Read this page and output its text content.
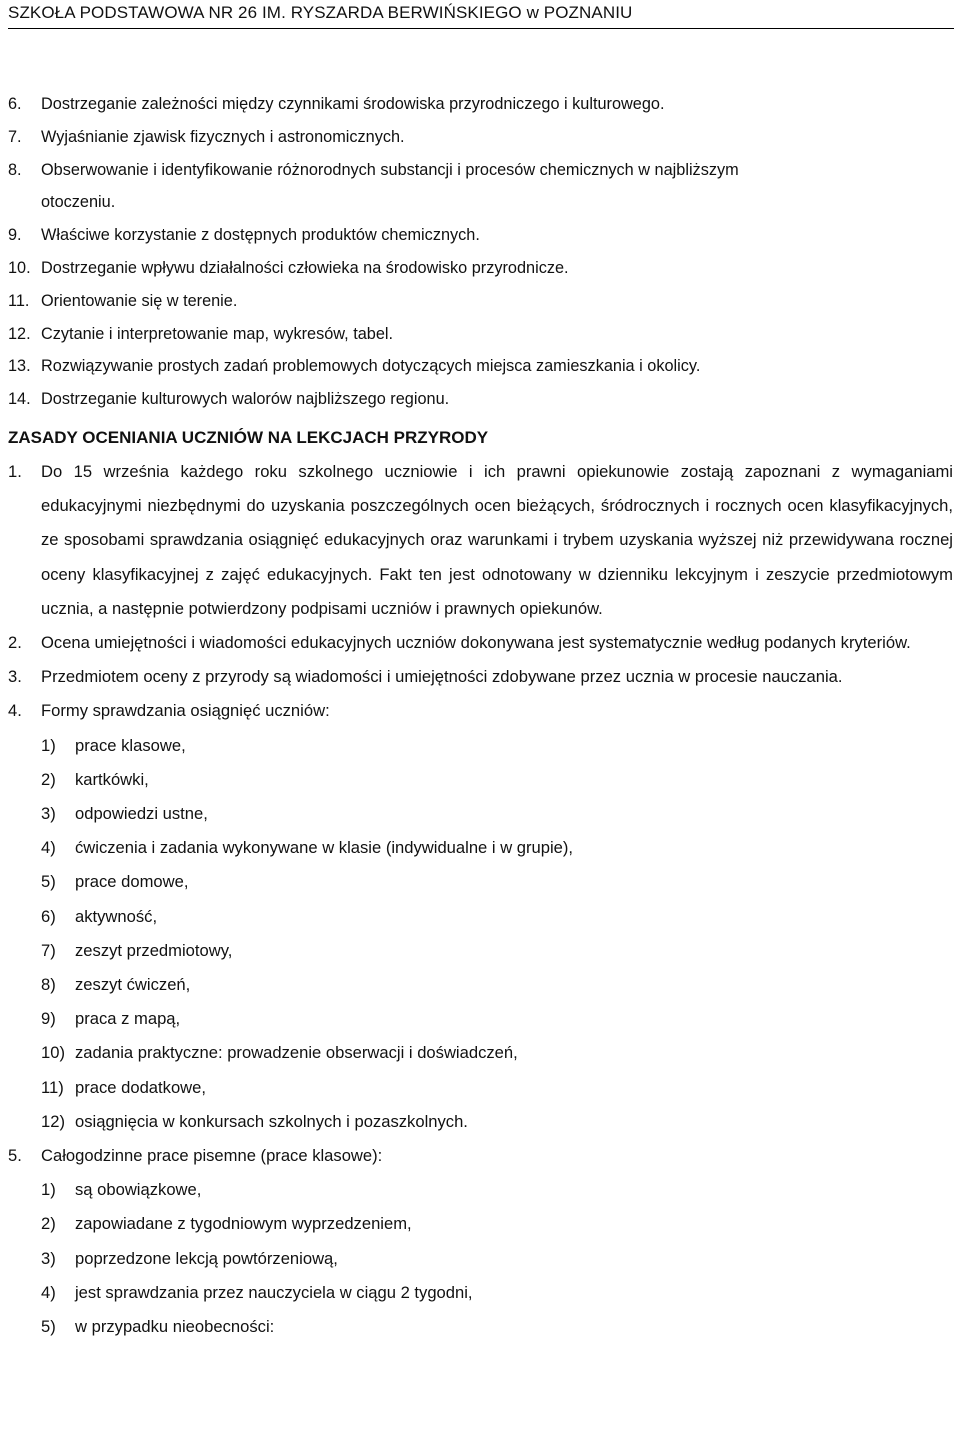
SZKOŁA PODSTAWOWA NR 26 IM. RYSZARDA BERWIŃSKIEGO w POZNANIU
6. Dostrzeganie zależności między czynnikami środowiska przyrodniczego i kulturowego.
7. Wyjaśnianie zjawisk fizycznych i astronomicznych.
8. Obserwowanie i identyfikowanie różnorodnych substancji i procesów chemicznych w najbliższym otoczeniu.
9. Właściwe korzystanie z dostępnych produktów chemicznych.
10. Dostrzeganie wpływu działalności człowieka na środowisko przyrodnicze.
11. Orientowanie się w terenie.
12. Czytanie i interpretowanie map, wykresów, tabel.
13. Rozwiązywanie prostych zadań problemowych dotyczących miejsca zamieszkania i okolicy.
14. Dostrzeganie kulturowych walorów najbliższego regionu.
ZASADY OCENIANIA UCZNIÓW NA LEKCJACH PRZYRODY
1. Do 15 września każdego roku szkolnego uczniowie i ich prawni opiekunowie zostają zapoznani z wymaganiami edukacyjnymi niezbędnymi do uzyskania poszczególnych ocen bieżących, śródrocznych i rocznych ocen klasyfikacyjnych, ze sposobami sprawdzania osiągnięć edukacyjnych oraz warunkami i trybem uzyskania wyższej niż przewidywana rocznej oceny klasyfikacyjnej z zajęć edukacyjnych. Fakt ten jest odnotowany w dzienniku lekcyjnym i zeszycie przedmiotowym ucznia, a następnie potwierdzony podpisami uczniów i prawnych opiekunów.
2. Ocena umiejętności i wiadomości edukacyjnych uczniów dokonywana jest systematycznie według podanych kryteriów.
3. Przedmiotem oceny z przyrody są wiadomości i umiejętności zdobywane przez ucznia w procesie nauczania.
4. Formy sprawdzania osiągnięć uczniów:
1) prace klasowe,
2) kartkówki,
3) odpowiedzi ustne,
4) ćwiczenia i zadania wykonywane w klasie (indywidualne i w grupie),
5) prace domowe,
6) aktywność,
7) zeszyt przedmiotowy,
8) zeszyt ćwiczeń,
9) praca z mapą,
10) zadania praktyczne: prowadzenie obserwacji i doświadczeń,
11) prace dodatkowe,
12) osiągnięcia w konkursach szkolnych i pozaszkolnych.
5. Całogodzinne prace pisemne (prace klasowe):
1) są obowiązkowe,
2) zapowiadane z tygodniowym wyprzedzeniem,
3) poprzedzone lekcją powtórzeniową,
4) jest sprawdzania przez nauczyciela w ciągu 2 tygodni,
5) w przypadku nieobecności:
